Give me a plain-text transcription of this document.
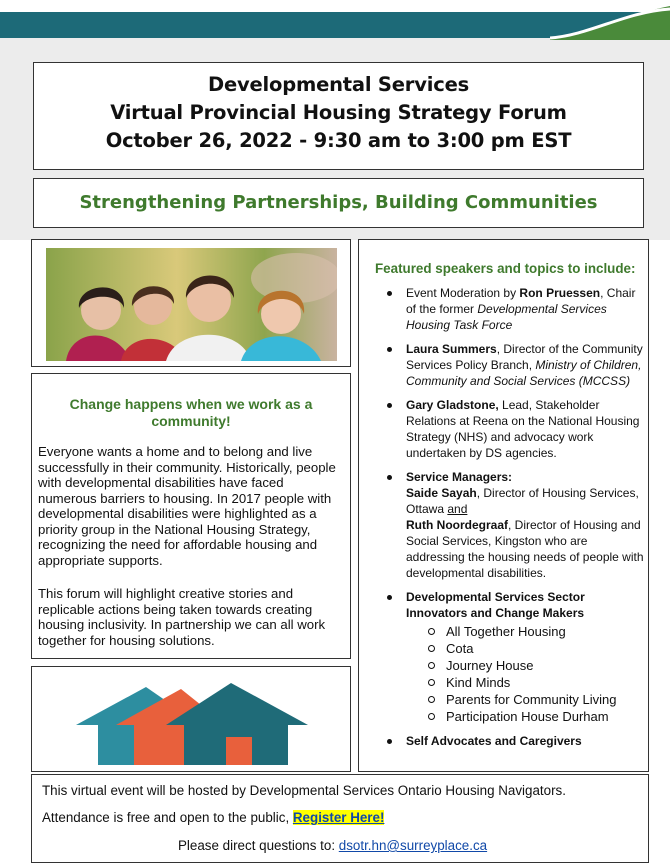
Developmental Services
Virtual Provincial Housing Strategy Forum
October 26, 2022 - 9:30 am to 3:00 pm EST
Strengthening Partnerships, Building Communities
Change happens when we work as a community!
Everyone wants a home and to belong and live successfully in their community. Historically, people with developmental disabilities have faced numerous barriers to housing. In 2017 people with developmental disabilities were highlighted as a priority group in the National Housing Strategy, recognizing the need for affordable housing and appropriate supports.
This forum will highlight creative stories and replicable actions being taken towards creating housing inclusivity. In partnership we can all work together for housing solutions.
Featured speakers and topics to include:
Event Moderation by Ron Pruessen, Chair of the former Developmental Services Housing Task Force
Laura Summers, Director of the Community Services Policy Branch, Ministry of Children, Community and Social Services (MCCSS)
Gary Gladstone, Lead, Stakeholder Relations at Reena on the National Housing Strategy (NHS) and advocacy work undertaken by DS agencies.
Service Managers:
Saide Sayah, Director of Housing Services, Ottawa and
Ruth Noordegraaf, Director of Housing and Social Services, Kingston who are addressing the housing needs of people with developmental disabilities.
Developmental Services Sector Innovators and Change Makers
All Together Housing
Cota
Journey House
Kind Minds
Parents for Community Living
Participation House Durham
Self Advocates and Caregivers
This virtual event will be hosted by Developmental Services Ontario Housing Navigators.
Attendance is free and open to the public, Register Here!
Please direct questions to: dsotr.hn@surreyplace.ca
